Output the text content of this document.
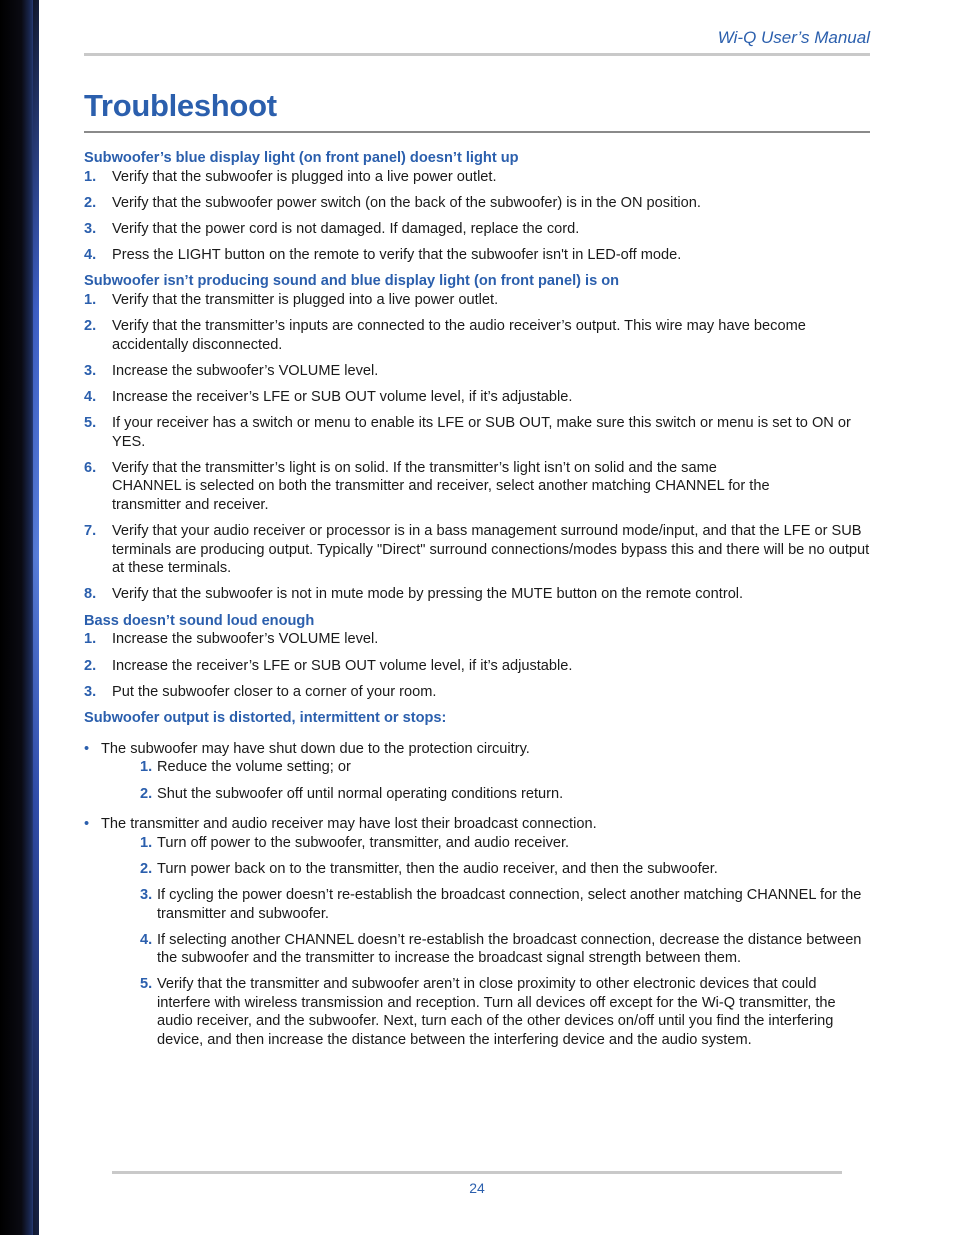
Wi-Q User’s Manual
Troubleshoot

Subwoofer’s blue display light (on front panel) doesn’t light up

1.	Verify that the subwoofer is plugged into a live power outlet.
2.	Verify that the subwoofer power switch (on the back of the subwoofer) is in the ON position.
3.	Verify that the power cord is not damaged. If damaged, replace the cord.
4.	Press the LIGHT button on the remote to verify that the subwoofer isn't in LED-off mode.

Subwoofer isn’t producing sound and blue display light (on front panel) is on

1.	Verify that the transmitter is plugged into a live power outlet.
2.	Verify that the transmitter’s inputs are connected to the audio receiver’s output. This wire may have become accidentally disconnected.
3.	Increase the subwoofer’s VOLUME level.
4.	Increase the receiver’s LFE or SUB OUT volume level, if it’s adjustable.
5.	If your receiver has a switch or menu to enable its LFE or SUB OUT, make sure this switch or menu is set to ON or YES.
6.	Verify that the transmitter’s light is on solid. If the transmitter’s light isn’t on solid and the same CHANNEL is selected on both the transmitter and receiver, select another matching CHANNEL for the transmitter and receiver.
7.	Verify that your audio receiver or processor is in a bass management surround mode/input, and that the LFE or SUB terminals are producing output. Typically "Direct" surround connections/modes bypass this and there will be no output at these terminals.
8.	Verify that the subwoofer is not in mute mode by pressing the MUTE button on the remote control.

Bass doesn’t sound loud enough

1.	Increase the subwoofer’s VOLUME level.
2.	Increase the receiver’s LFE or SUB OUT volume level, if it’s adjustable.
3.	Put the subwoofer closer to a corner of your room.

Subwoofer output is distorted, intermittent or stops:

• The subwoofer may have shut down due to the protection circuitry.
1. Reduce the volume setting; or
2. Shut the subwoofer off until normal operating conditions return.
• The transmitter and audio receiver may have lost their broadcast connection.
1. Turn off power to the subwoofer, transmitter, and audio receiver.
2. Turn power back on to the transmitter, then the audio receiver, and then the subwoofer.
3. If cycling the power doesn’t re-establish the broadcast connection, select another matching CHANNEL for the transmitter and subwoofer.
4. If selecting another CHANNEL doesn’t re-establish the broadcast connection, decrease the distance between the subwoofer and the transmitter to increase the broadcast signal strength between them.
5. Verify that the transmitter and subwoofer aren’t in close proximity to other electronic devices that could interfere with wireless transmission and reception. Turn all devices off except for the Wi-Q transmitter, the audio receiver, and the subwoofer. Next, turn each of the other devices on/off until you find the interfering device, and then increase the distance between the interfering device and the audio system.
24
